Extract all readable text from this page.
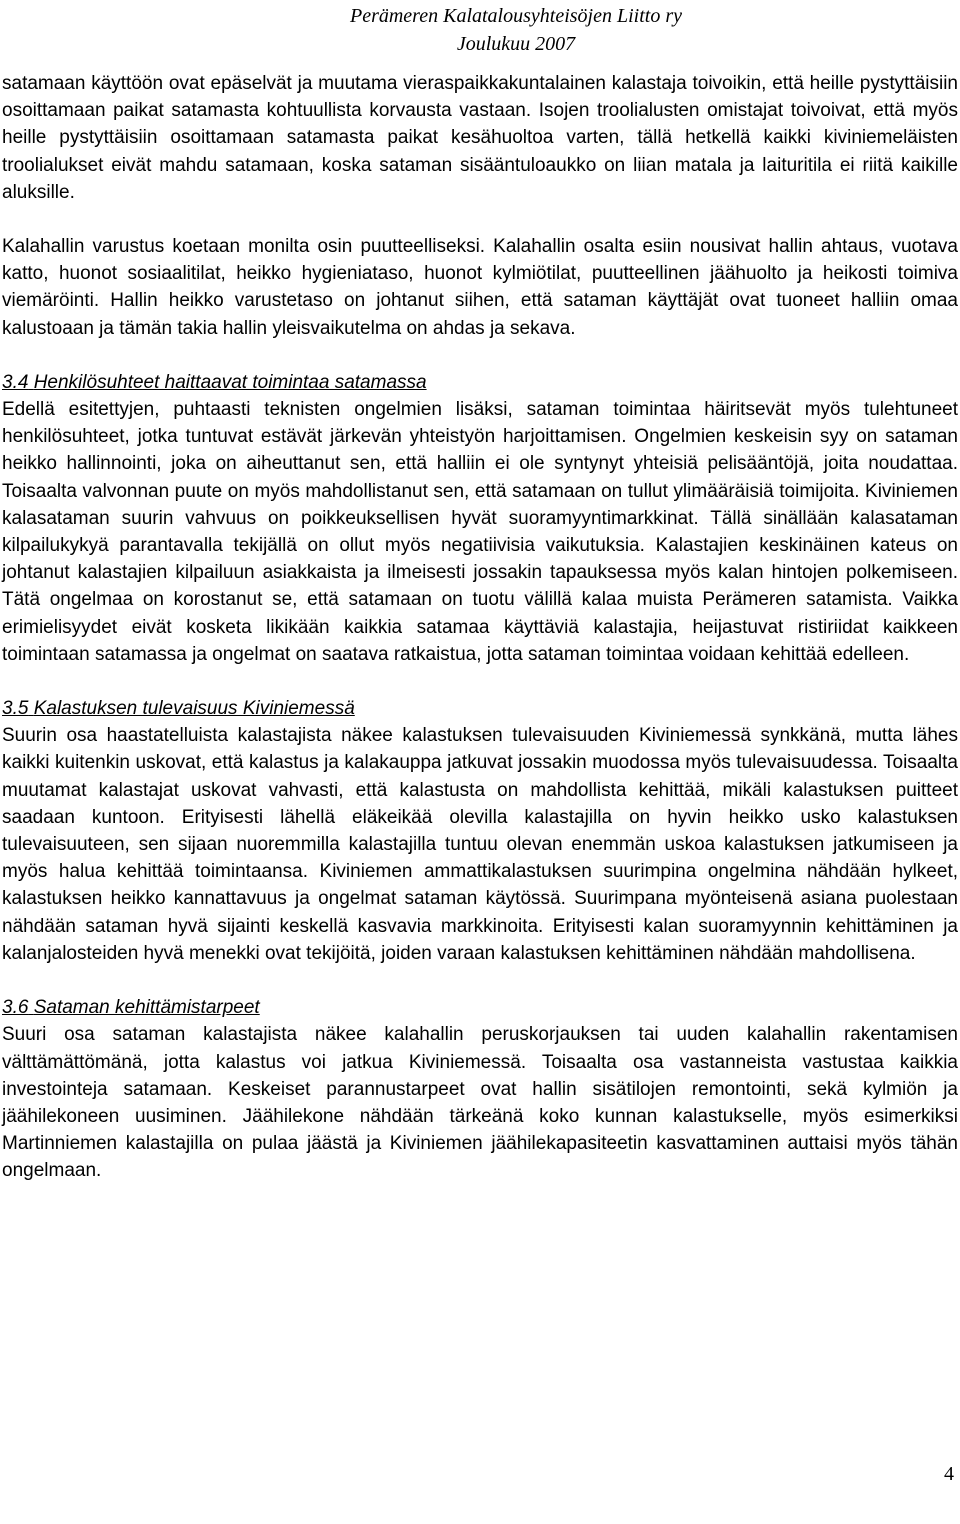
Perämeren Kalatalousyhteisöjen Liitto ry
Joulukuu 2007

satamaan käyttöön ovat epäselvät ja muutama vieraspaikkakuntalainen kalastaja toivoikin, että heille pystyttäisiin osoittamaan paikat satamasta kohtuullista korvausta vastaan. Isojen troolialusten omistajat toivoivat, että myös heille pystyttäisiin osoittamaan satamasta paikat kesähuoltoa varten, tällä hetkellä kaikki kiviniemeläisten troolialukset eivät mahdu satamaan, koska sataman sisääntuloaukko on liian matala ja laituritila ei riitä kaikille aluksille.

Kalahallin varustus koetaan monilta osin puutteelliseksi. Kalahallin osalta esiin nousivat hallin ahtaus, vuotava katto, huonot sosiaalitilat, heikko hygieniataso, huonot kylmiötilat, puutteellinen jäähuolto ja heikosti toimiva viemäröinti. Hallin heikko varustetaso on johtanut siihen, että sataman käyttäjät ovat tuoneet halliin omaa kalustoaan ja tämän takia hallin yleisvaikutelma on ahdas ja sekava.

3.4 Henkilösuhteet haittaavat toimintaa satamassa

Edellä esitettyjen, puhtaasti teknisten ongelmien lisäksi, sataman toimintaa häiritsevät myös tulehtuneet henkilösuhteet, jotka tuntuvat estävät järkevän yhteistyön harjoittamisen. Ongelmien keskeisin syy on sataman heikko hallinnointi, joka on aiheuttanut sen, että halliin ei ole syntynyt yhteisiä pelisääntöjä, joita noudattaa. Toisaalta valvonnan puute on myös mahdollistanut sen, että satamaan on tullut ylimääräisiä toimijoita. Kiviniemen kalasataman suurin vahvuus on poikkeuksellisen hyvät suoramyyntimarkkinat. Tällä sinällään kalasataman kilpailukykyä parantavalla tekijällä on ollut myös negatiivisia vaikutuksia. Kalastajien keskinäinen kateus on johtanut kalastajien kilpailuun asiakkaista ja ilmeisesti jossakin tapauksessa myös kalan hintojen polkemiseen. Tätä ongelmaa on korostanut se, että satamaan on tuotu välillä kalaa muista Perämeren satamista. Vaikka erimielisyydet eivät kosketa likikään kaikkia satamaa käyttäviä kalastajia, heijastuvat ristiriidat kaikkeen toimintaan satamassa ja ongelmat on saatava ratkaistua, jotta sataman toimintaa voidaan kehittää edelleen.

3.5 Kalastuksen tulevaisuus Kiviniemessä

Suurin osa haastatelluista kalastajista näkee kalastuksen tulevaisuuden Kiviniemessä synkkänä, mutta lähes kaikki kuitenkin uskovat, että kalastus ja kalakauppa jatkuvat jossakin muodossa myös tulevaisuudessa. Toisaalta muutamat kalastajat uskovat vahvasti, että kalastusta on mahdollista kehittää, mikäli kalastuksen puitteet saadaan kuntoon. Erityisesti lähellä eläkeikää olevilla kalastajilla on hyvin heikko usko kalastuksen tulevaisuuteen, sen sijaan nuoremmilla kalastajilla tuntuu olevan enemmän uskoa kalastuksen jatkumiseen ja myös halua kehittää toimintaansa. Kiviniemen ammattikalastuksen suurimpina ongelmina nähdään hylkeet, kalastuksen heikko kannattavuus ja ongelmat sataman käytössä. Suurimpana myönteisenä asiana puolestaan nähdään sataman hyvä sijainti keskellä kasvavia markkinoita. Erityisesti kalan suoramyynnin kehittäminen ja kalanjalosteiden hyvä menekki ovat tekijöitä, joiden varaan kalastuksen kehittäminen nähdään mahdollisena.

3.6 Sataman kehittämistarpeet

Suuri osa sataman kalastajista näkee kalahallin peruskorjauksen tai uuden kalahallin rakentamisen välttämättömänä, jotta kalastus voi jatkua Kiviniemessä. Toisaalta osa vastanneista vastustaa kaikkia investointeja satamaan. Keskeiset parannustarpeet ovat hallin sisätilojen remontointi, sekä kylmiön ja jäähilekoneen uusiminen. Jäähilekone nähdään tärkeänä koko kunnan kalastukselle, myös esimerkiksi Martinniemen kalastajilla on pulaa jäästä ja Kiviniemen jäähilekapasiteetin kasvattaminen auttaisi myös tähän ongelmaan.

4
